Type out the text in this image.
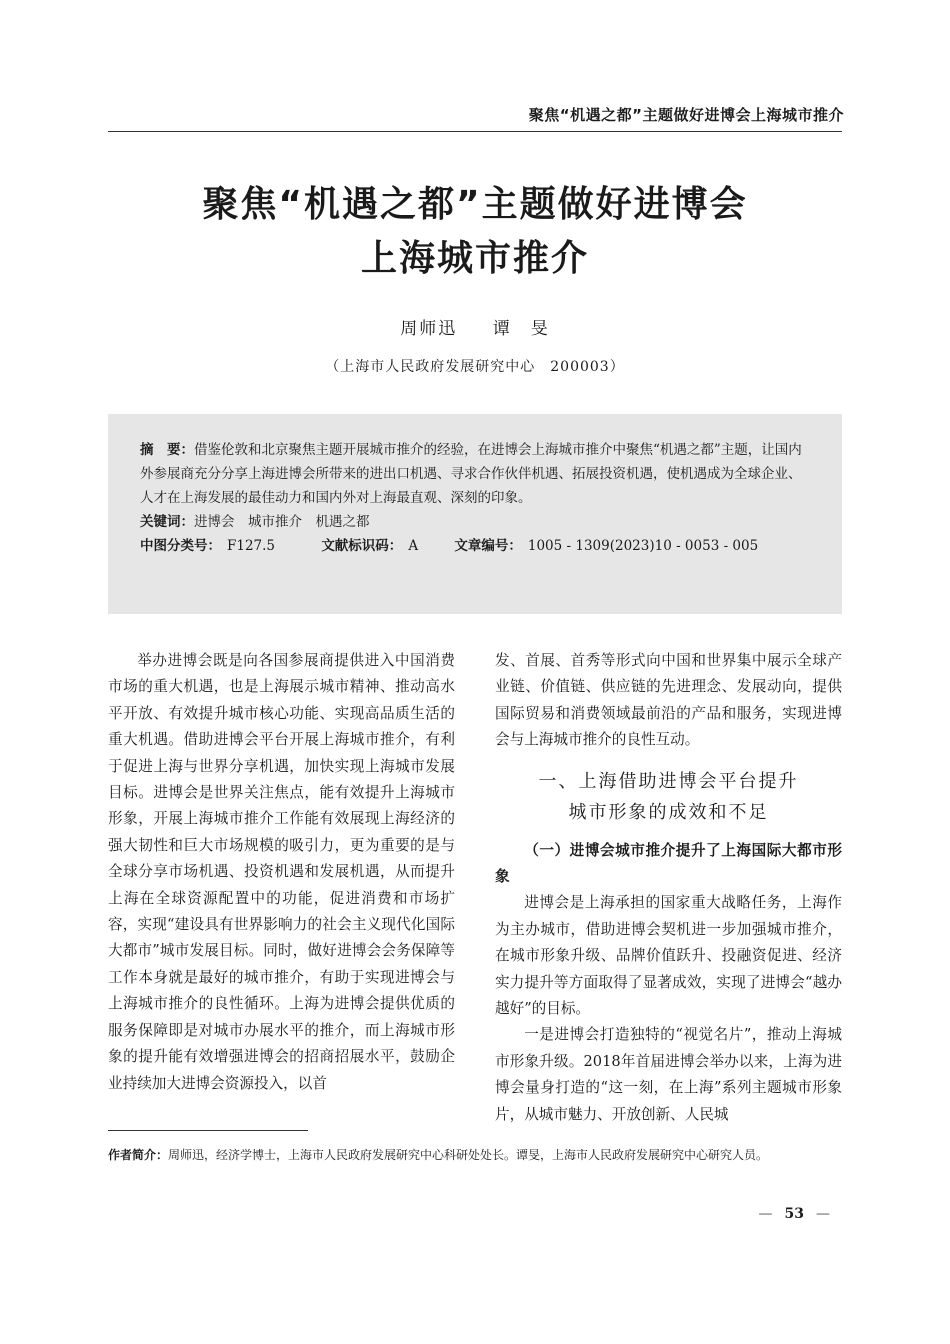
聚焦“机遇之都”主题做好进博会上海城市推介
聚焦“机遇之都”主题做好进博会
上海城市推介
周师迅 谭　旻
（上海市人民政府发展研究中心　200003）
摘　要：借鉴伦敦和北京聚焦主题开展城市推介的经验，在进博会上海城市推介中聚焦“机遇之都”主题，让国内外参展商充分分享上海进博会所带来的进出口机遇、寻求合作伙伴机遇、拓展投资机遇，使机遇成为全球企业、人才在上海发展的最佳动力和国内外对上海最直观、深刻的印象。
关键词：进博会　城市推介　机遇之都
中图分类号： F127.5	文献标识码： A	文章编号： 1005 - 1309(2023)10 - 0053 - 005

举办进博会既是向各国参展商提供进入中国消费市场的重大机遇，也是上海展示城市精神、推动高水平开放、有效提升城市核心功能、实现高品质生活的重大机遇。借助进博会平台开展上海城市推介，有利于促进上海与世界分享机遇，加快实现上海城市发展目标。进博会是世界关注焦点，能有效提升上海城市形象，开展上海城市推介工作能有效展现上海经济的强大韧性和巨大市场规模的吸引力，更为重要的是与全球分享市场机遇、投资机遇和发展机遇，从而提升上海在全球资源配置中的功能，促进消费和市场扩容，实现“建设具有世界影响力的社会主义现代化国际大都市”城市发展目标。同时，做好进博会会务保障等工作本身就是最好的城市推介，有助于实现进博会与上海城市推介的良性循环。上海为进博会提供优质的服务保障即是对城市办展水平的推介，而上海城市形象的提升能有效增强进博会的招商招展水平，鼓励企业持续加大进博会资源投入，以首

发、首展、首秀等形式向中国和世界集中展示全球产业链、价值链、供应链的先进理念、发展动向，提供国际贸易和消费领域最前沿的产品和服务，实现进博会与上海城市推介的良性互动。

一、上海借助进博会平台提升
城市形象的成效和不足
（一）进博会城市推介提升了上海国际大都市形象

进博会是上海承担的国家重大战略任务，上海作为主办城市，借助进博会契机进一步加强城市推介，在城市形象升级、品牌价值跃升、投融资促进、经济实力提升等方面取得了显著成效，实现了进博会“越办越好”的目标。

一是进博会打造独特的“视觉名片”，推动上海城市形象升级。2018年首届进博会举办以来，上海为进博会量身打造的“这一刻，在上海”系列主题城市形象片，从城市魅力、开放创新、人民城

作者简介：周师迅，经济学博士，上海市人民政府发展研究中心科研处处长。谭旻，上海市人民政府发展研究中心研究人员。
— 53 —
